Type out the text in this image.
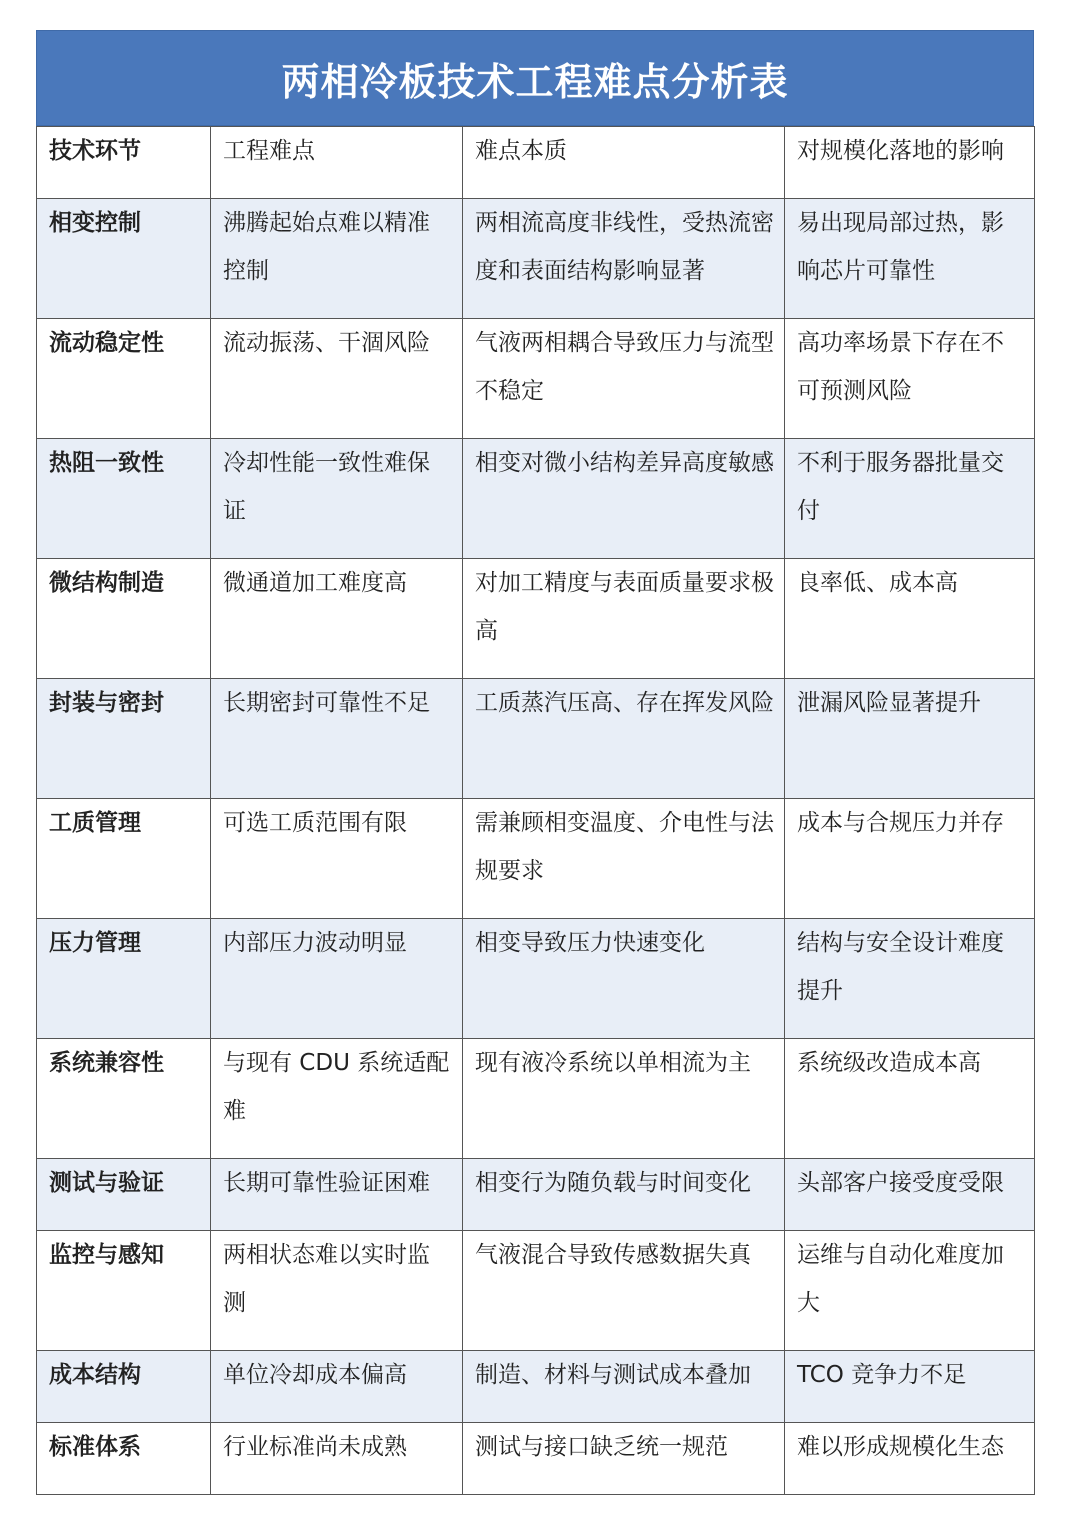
两相冷板技术工程难点分析表
技术环节	工程难点	难点本质	对规模化落地的影响
相变控制	沸腾起始点难以精准控制	两相流高度非线性，受热流密度和表面结构影响显著	易出现局部过热，影响芯片可靠性
流动稳定性	流动振荡、干涸风险	气液两相耦合导致压力与流型不稳定	高功率场景下存在不可预测风险
热阻一致性	冷却性能一致性难保证	相变对微小结构差异高度敏感	不利于服务器批量交付
微结构制造	微通道加工难度高	对加工精度与表面质量要求极高	良率低、成本高
封装与密封	长期密封可靠性不足	工质蒸汽压高、存在挥发风险	泄漏风险显著提升
工质管理	可选工质范围有限	需兼顾相变温度、介电性与法规要求	成本与合规压力并存
压力管理	内部压力波动明显	相变导致压力快速变化	结构与安全设计难度提升
系统兼容性	与现有 CDU 系统适配难	现有液冷系统以单相流为主	系统级改造成本高
测试与验证	长期可靠性验证困难	相变行为随负载与时间变化	头部客户接受度受限
监控与感知	两相状态难以实时监测	气液混合导致传感数据失真	运维与自动化难度加大
成本结构	单位冷却成本偏高	制造、材料与测试成本叠加	TCO 竞争力不足
标准体系	行业标准尚未成熟	测试与接口缺乏统一规范	难以形成规模化生态
